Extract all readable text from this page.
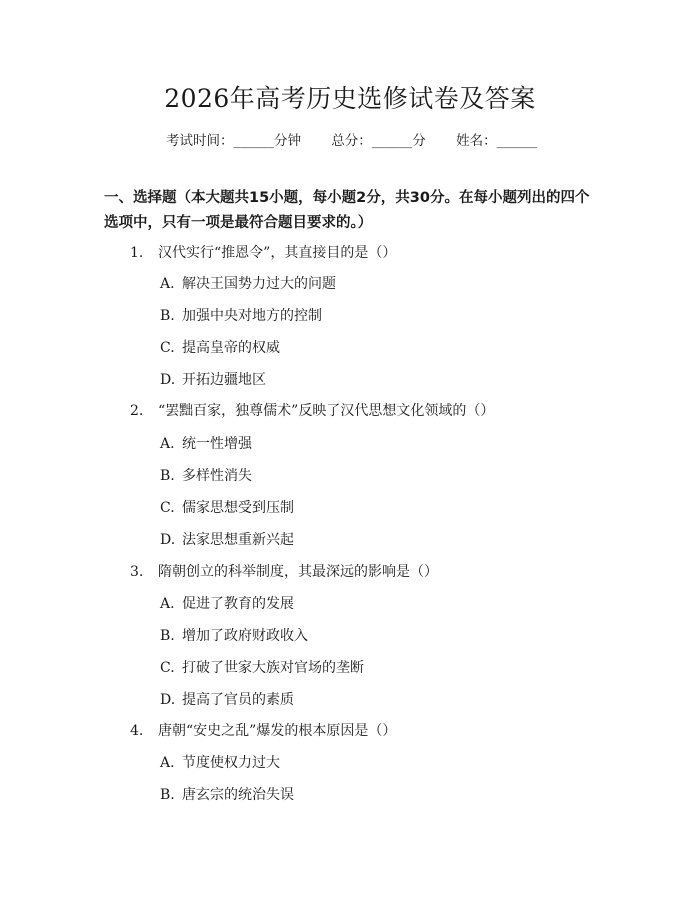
2026年高考历史选修试卷及答案
考试时间：______分钟 总分：______分 姓名：______
一、选择题（本大题共15小题，每小题2分，共30分。在每小题列出的四个选项中，只有一项是最符合题目要求的。）
1. 汉代实行“推恩令”，其直接目的是（）
A. 解决王国势力过大的问题
B. 加强中央对地方的控制
C. 提高皇帝的权威
D. 开拓边疆地区
2. “罢黜百家，独尊儒术”反映了汉代思想文化领域的（）
A. 统一性增强
B. 多样性消失
C. 儒家思想受到压制
D. 法家思想重新兴起
3. 隋朝创立的科举制度，其最深远的影响是（）
A. 促进了教育的发展
B. 增加了政府财政收入
C. 打破了世家大族对官场的垄断
D. 提高了官员的素质
4. 唐朝“安史之乱”爆发的根本原因是（）
A. 节度使权力过大
B. 唐玄宗的统治失误
